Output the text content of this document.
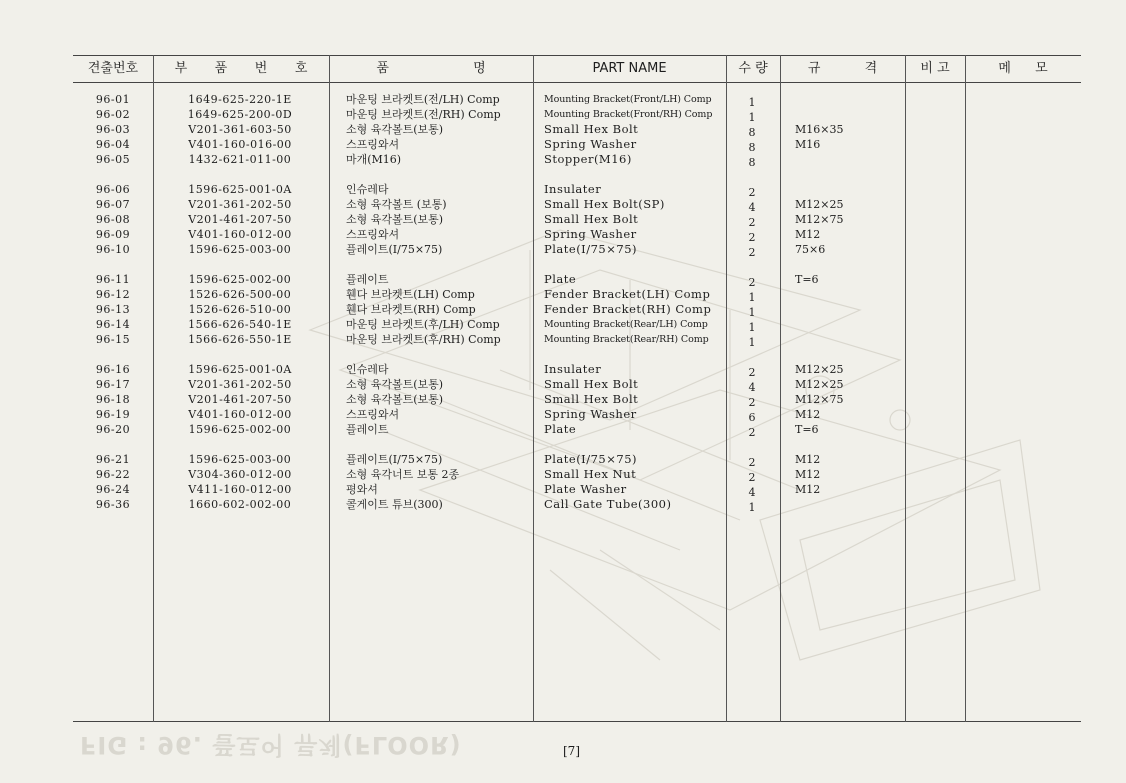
FIG : 96. 플로어 류체(FLOOR)
견출번호	부 품 번 호	품 명	PART NAME	수 량	규 격	비 고	메 모
96-01	1649-625-220-1E	마운팅 브라켓트(전/LH) Comp	Mounting Bracket(Front/LH) Comp	1
96-02	1649-625-200-0D	마운팅 브라켓트(전/RH) Comp	Mounting Bracket(Front/RH) Comp	1
96-03	V201-361-603-50	소형 육각볼트(보통)	Small Hex Bolt	8	M16×35
96-04	V401-160-016-00	스프링와셔	Spring Washer	8	M16
96-05	1432-621-011-00	마개(M16)	Stopper(M16)	8
96-06	1596-625-001-0A	인슈레타	Insulater	2
96-07	V201-361-202-50	소형 육각볼트 (보통)	Small Hex Bolt(SP)	4	M12×25
96-08	V201-461-207-50	소형 육각볼트(보통)	Small Hex Bolt	2	M12×75
96-09	V401-160-012-00	스프링와셔	Spring Washer	2	M12
96-10	1596-625-003-00	플레이트(I/75×75)	Plate(I/75×75)	2	75×6
96-11	1596-625-002-00	플레이트	Plate	2	T=6
96-12	1526-626-500-00	휀다 브라켓트(LH) Comp	Fender Bracket(LH) Comp	1
96-13	1526-626-510-00	휀다 브라켓트(RH) Comp	Fender Bracket(RH) Comp	1
96-14	1566-626-540-1E	마운팅 브라켓트(후/LH) Comp	Mounting Bracket(Rear/LH) Comp	1
96-15	1566-626-550-1E	마운팅 브라켓트(후/RH) Comp	Mounting Bracket(Rear/RH) Comp	1
96-16	1596-625-001-0A	인슈레타	Insulater	2	M12×25
96-17	V201-361-202-50	소형 육각볼트(보통)	Small Hex Bolt	4	M12×25
96-18	V201-461-207-50	소형 육각볼트(보통)	Small Hex Bolt	2	M12×75
96-19	V401-160-012-00	스프링와셔	Spring Washer	6	M12
96-20	1596-625-002-00	플레이트	Plate	2	T=6
96-21	1596-625-003-00	플레이트(I/75×75)	Plate(I/75×75)	2	M12
96-22	V304-360-012-00	소형 육각너트 보통 2종	Small Hex Nut	2	M12
96-24	V411-160-012-00	평와셔	Plate Washer	4	M12
96-36	1660-602-002-00	콜게이트 튜브(300)	Call Gate Tube(300)	1
[7]
